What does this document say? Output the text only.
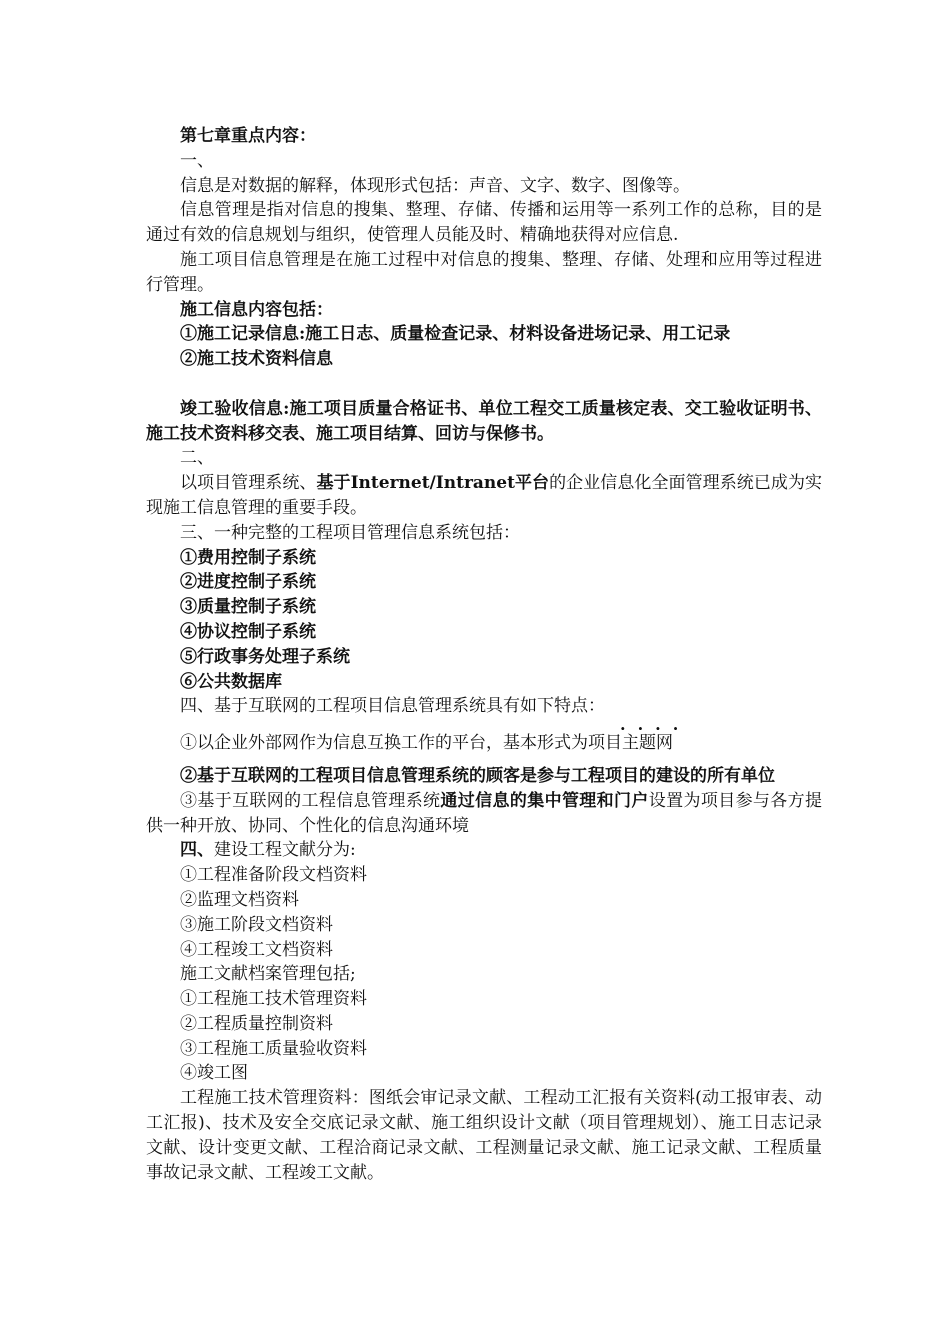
第七章重点内容：

一、

信息是对数据的解释，体现形式包括：声音、文字、数字、图像等。

信息管理是指对信息的搜集、整理、存储、传播和运用等一系列工作的总称，目的是通过有效的信息规划与组织，使管理人员能及时、精确地获得对应信息.

施工项目信息管理是在施工过程中对信息的搜集、整理、存储、处理和应用等过程进行管理。

施工信息内容包括：

①施工记录信息:施工日志、质量检查记录、材料设备进场记录、用工记录

②施工技术资料信息

竣工验收信息:施工项目质量合格证书、单位工程交工质量核定表、交工验收证明书、施工技术资料移交表、施工项目结算、回访与保修书。

二、

以项目管理系统、基于Internet/Intranet平台的企业信息化全面管理系统已成为实现施工信息管理的重要手段。

三、一种完整的工程项目管理信息系统包括：

①费用控制子系统

②进度控制子系统

③质量控制子系统

④协议控制子系统

⑤行政事务处理子系统

⑥公共数据库

四、基于互联网的工程项目信息管理系统具有如下特点：

....

①以企业外部网作为信息互换工作的平台，基本形式为项目主题网

②基于互联网的工程项目信息管理系统的顾客是参与工程项目的建设的所有单位

③基于互联网的工程信息管理系统通过信息的集中管理和门户设置为项目参与各方提供一种开放、协同、个性化的信息沟通环境

四、建设工程文献分为:

①工程准备阶段文档资料

②监理文档资料

③施工阶段文档资料

④工程竣工文档资料

施工文献档案管理包括;

①工程施工技术管理资料

②工程质量控制资料

③工程施工质量验收资料

④竣工图

工程施工技术管理资料：图纸会审记录文献、工程动工汇报有关资料(动工报审表、动工汇报)、技术及安全交底记录文献、施工组织设计文献（项目管理规划）、施工日志记录文献、设计变更文献、工程洽商记录文献、工程测量记录文献、施工记录文献、工程质量事故记录文献、工程竣工文献。
